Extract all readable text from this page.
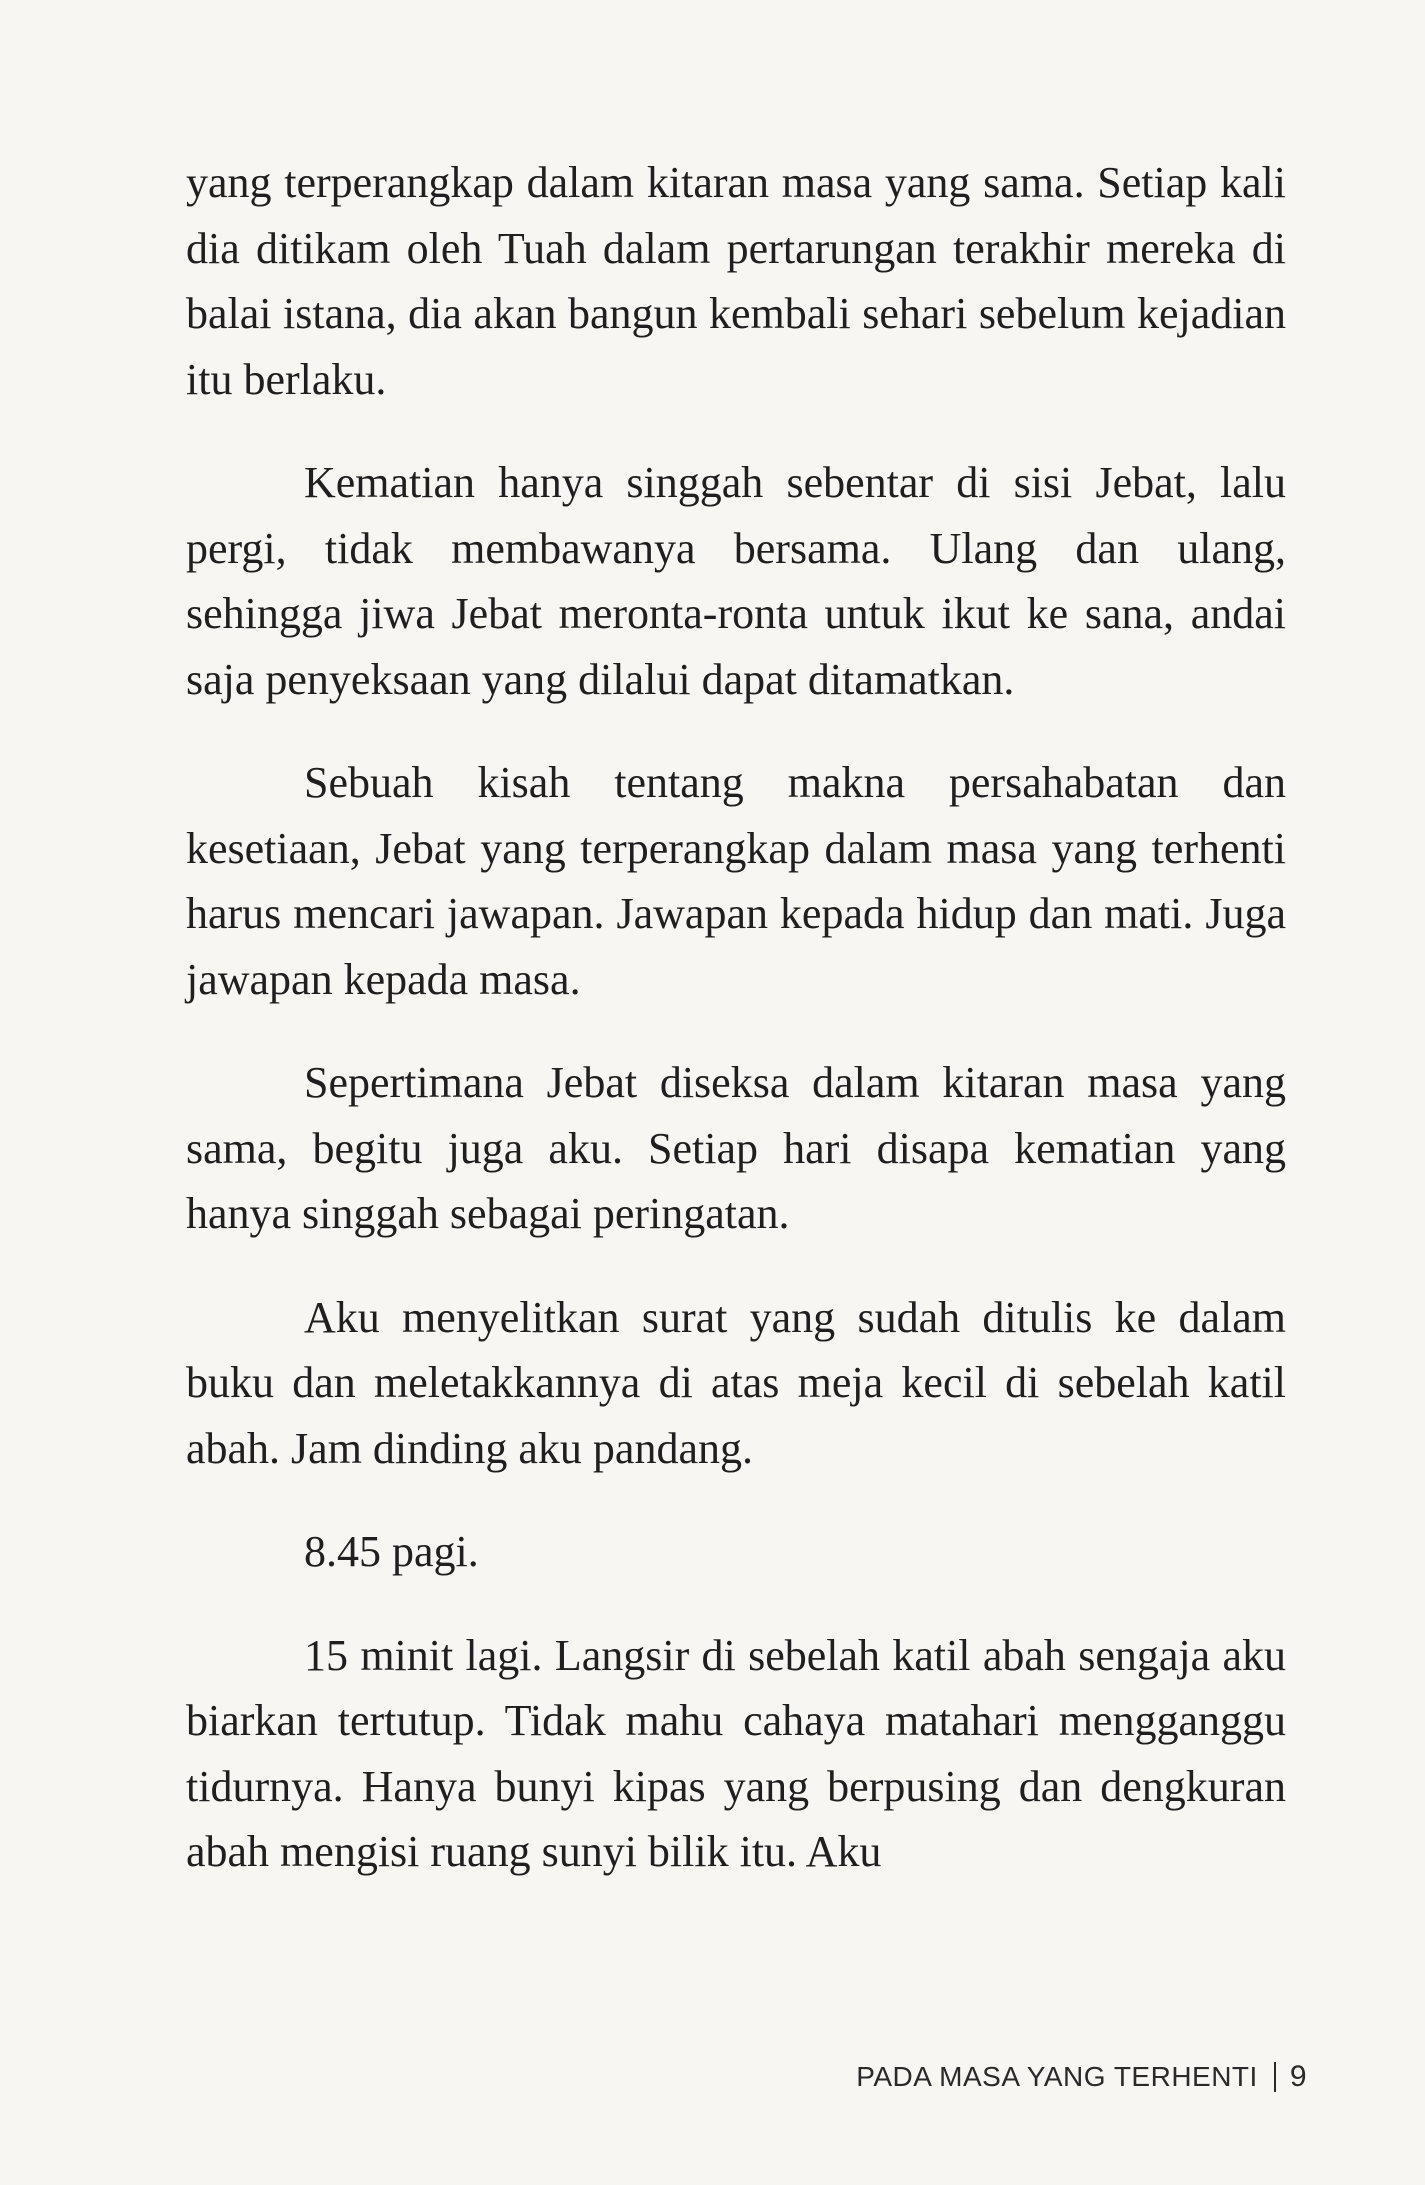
yang terperangkap dalam kitaran masa yang sama. Setiap kali dia ditikam oleh Tuah dalam pertarungan terakhir mereka di balai istana, dia akan bangun kembali sehari sebelum kejadian itu berlaku.

Kematian hanya singgah sebentar di sisi Jebat, lalu pergi, tidak membawanya bersama. Ulang dan ulang, sehingga jiwa Jebat meronta-ronta untuk ikut ke sana, andai saja penyeksaan yang dilalui dapat ditamatkan.

Sebuah kisah tentang makna persahabatan dan kesetiaan, Jebat yang terperangkap dalam masa yang terhenti harus mencari jawapan. Jawapan kepada hidup dan mati. Juga jawapan kepada masa.

Sepertimana Jebat diseksa dalam kitaran masa yang sama, begitu juga aku. Setiap hari disapa kematian yang hanya singgah sebagai peringatan.

Aku menyelitkan surat yang sudah ditulis ke dalam buku dan meletakkannya di atas meja kecil di sebelah katil abah. Jam dinding aku pandang.

8.45 pagi.

15 minit lagi. Langsir di sebelah katil abah sengaja aku biarkan tertutup. Tidak mahu cahaya matahari mengganggu tidurnya. Hanya bunyi kipas yang berpusing dan dengkuran abah mengisi ruang sunyi bilik itu. Aku

PADA MASA YANG TERHENTI 9
